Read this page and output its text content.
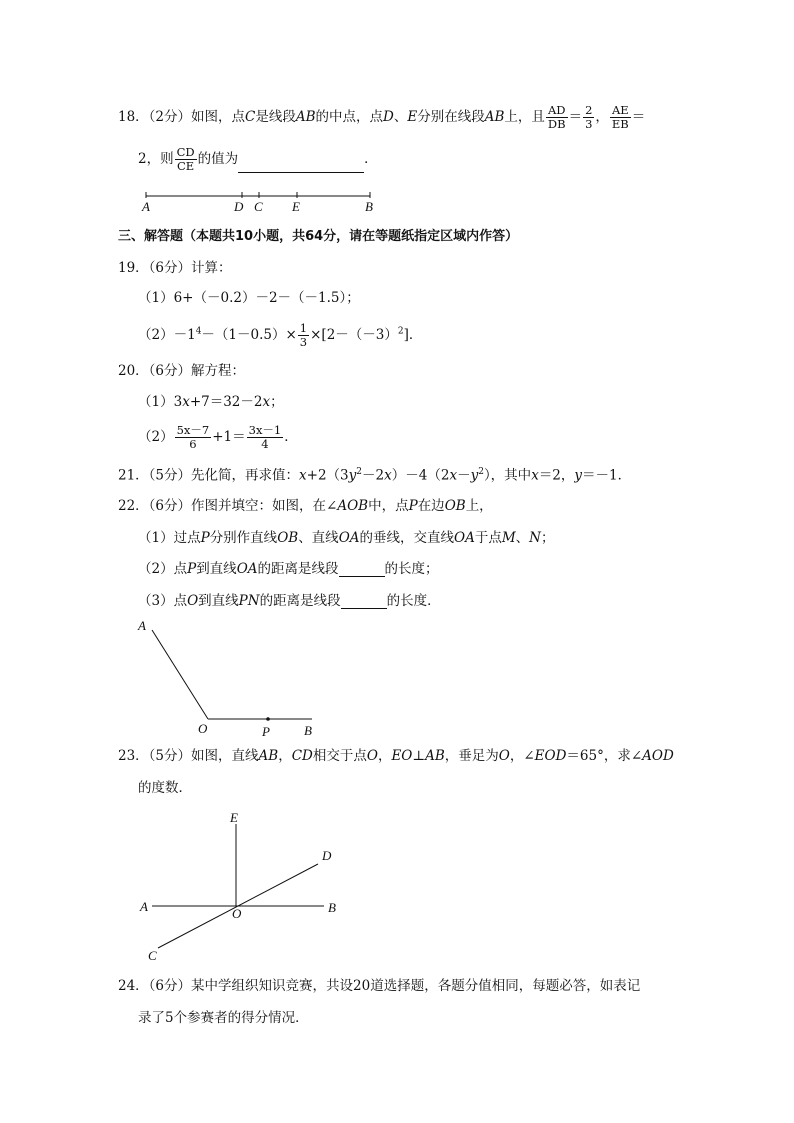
18．（2分）如图，点C是线段AB的中点，点D、E分别在线段AB上，且 $\frac{AD}{DB} = \frac{2}{3}$ ， $\frac{AE}{EB}$ ＝
2，则 $\frac{CD}{CE}$ 的值为	．
A	D C E	B
三、解答题（本题共10小题，共64分，请在等题纸指定区域内作答）
19．（6分）计算：
（1）6+（－0.2）－2－（－1.5）；
$(2)-1^4-(1-0.5)\times \frac{1}{3} \times[2-(-3)^2]$．
20．（6分）解方程：
（1）3x+7＝32－2x；
$(2) \frac{5x-7}{6} +1= \frac{3x-1}{4}$ ．
21．（5分）先化简，再求值：$x+2(3y^2-2x)-4(2x-y^2)$，其中x＝2，y＝－1．
22．（6分）作图并填空：如图，在∠AOB中，点P在边OB上，
（1）过点P分别作直线OB、直线OA的垂线，交直线OA于点M、N；
（2）点P到直线OA的距离是线段	的长度；
（3）点O到直线PN的距离是线段	的长度．
A
O	P	B
23．（5分）如图，直线AB，CD相交于点O，EO⊥AB，垂足为O，∠EOD＝65°，求∠AOD
的度数．
E
D
A	O	B
C
24．（6分）某中学组织知识竞赛，共设20道选择题，各题分值相同，每题必答，如表记
录了5个参赛者的得分情况．
